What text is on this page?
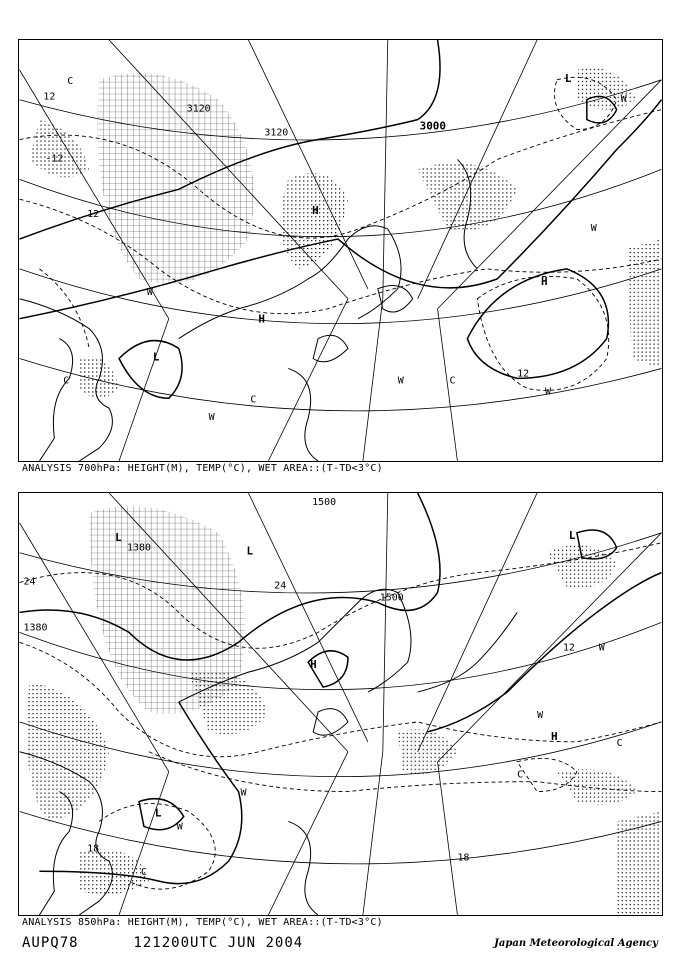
3120
3000
3120
12
-12
12
12
H
H
H
L
L
C
C
C
C
W
W
W
W
W
W
ANALYSIS 700hPa: HEIGHT(M), TEMP(°C), WET AREA::(T-TD<3°C)
1500
1500
1380
1380
24	24
12
18
18
H
H
L	L
L
L
C
C
C
W
W
W
W
ANALYSIS 850hPa: HEIGHT(M), TEMP(°C), WET AREA::(T-TD<3°C)
AUPQ78	121200UTC JUN 2004	Japan Meteorological Agency
